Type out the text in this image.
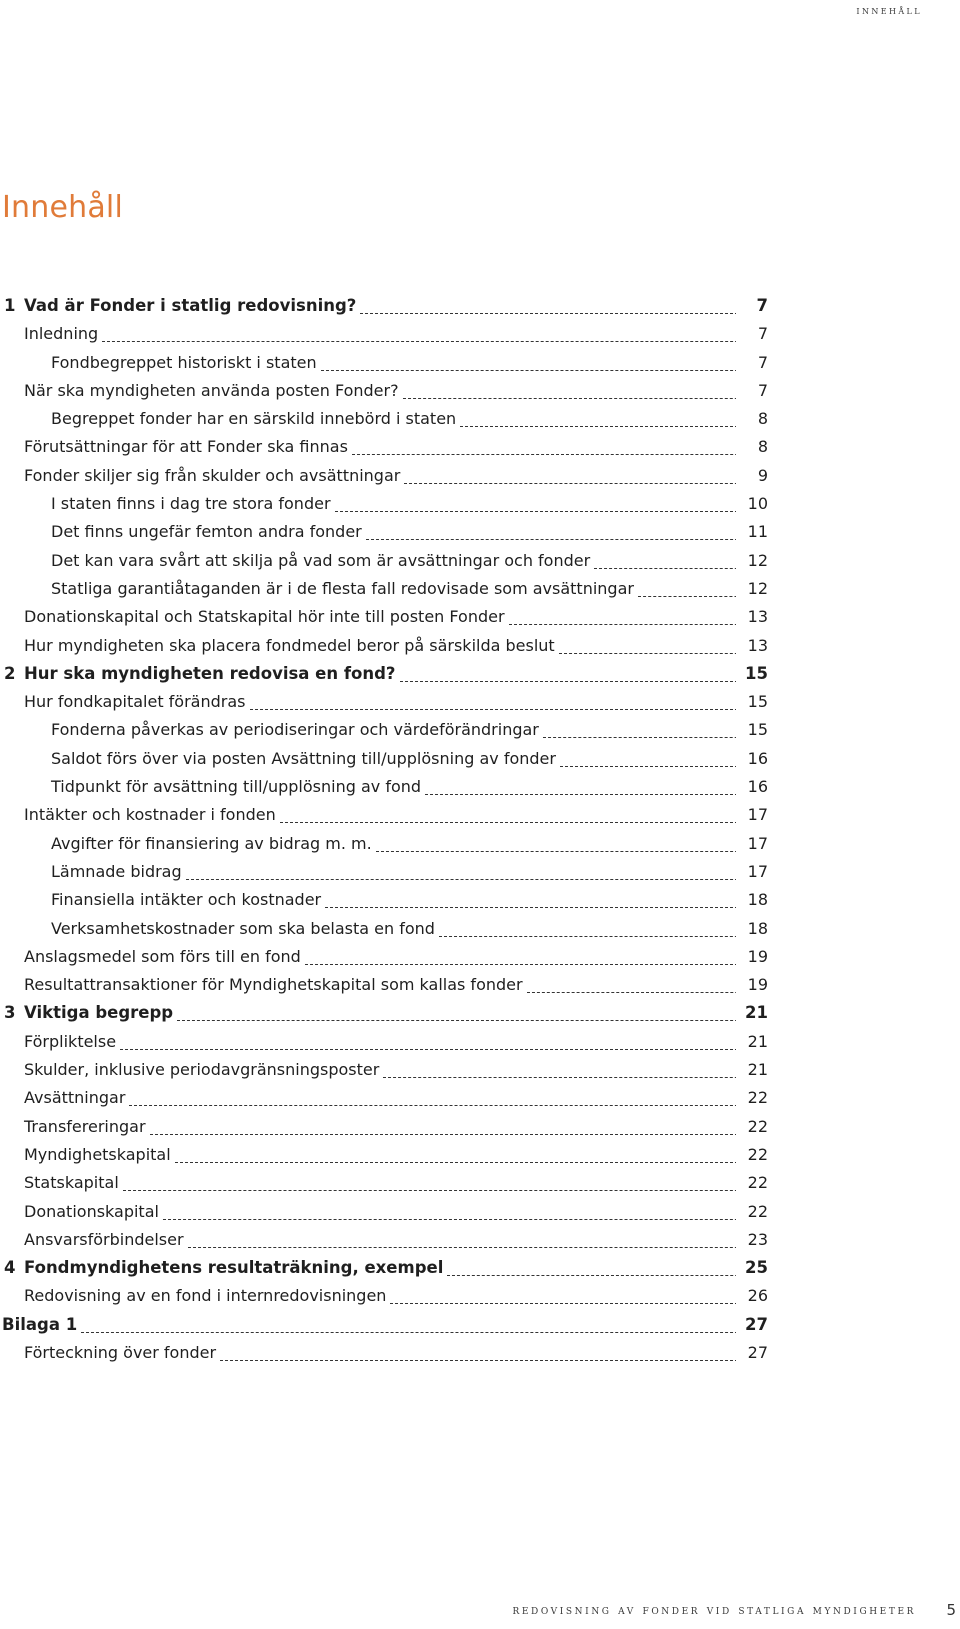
innehåll
Innehåll
1 Vad är Fonder i statlig redovisning?	7
Inledning	7
Fondbegreppet historiskt i staten	7
När ska myndigheten använda posten Fonder?	7
Begreppet fonder har en särskild innebörd i staten	8
Förutsättningar för att Fonder ska finnas	8
Fonder skiljer sig från skulder och avsättningar	9
I staten finns i dag tre stora fonder	10
Det finns ungefär femton andra fonder	11
Det kan vara svårt att skilja på vad som är avsättningar och fonder	12
Statliga garantiåtaganden är i de flesta fall redovisade som avsättningar	12
Donationskapital och Statskapital hör inte till posten Fonder	13
Hur myndigheten ska placera fondmedel beror på särskilda beslut	13
2 Hur ska myndigheten redovisa en fond?	15
Hur fondkapitalet förändras	15
Fonderna påverkas av periodiseringar och värdeförändringar	15
Saldot förs över via posten Avsättning till/upplösning av fonder	16
Tidpunkt för avsättning till/upplösning av fond	16
Intäkter och kostnader i fonden	17
Avgifter för finansiering av bidrag m. m.	17
Lämnade bidrag	17
Finansiella intäkter och kostnader	18
Verksamhetskostnader som ska belasta en fond	18
Anslagsmedel som förs till en fond	19
Resultattransaktioner för Myndighetskapital som kallas fonder	19
3 Viktiga begrepp	21
Förpliktelse	21
Skulder, inklusive periodavgränsningsposter	21
Avsättningar	22
Transfereringar	22
Myndighetskapital	22
Statskapital	22
Donationskapital	22
Ansvarsförbindelser	23
4 Fondmyndighetens resultaträkning, exempel	25
Redovisning av en fond i internredovisningen	26
Bilaga 1	27
Förteckning över fonder	27
redovisning av fonder vid statliga myndigheter 5
